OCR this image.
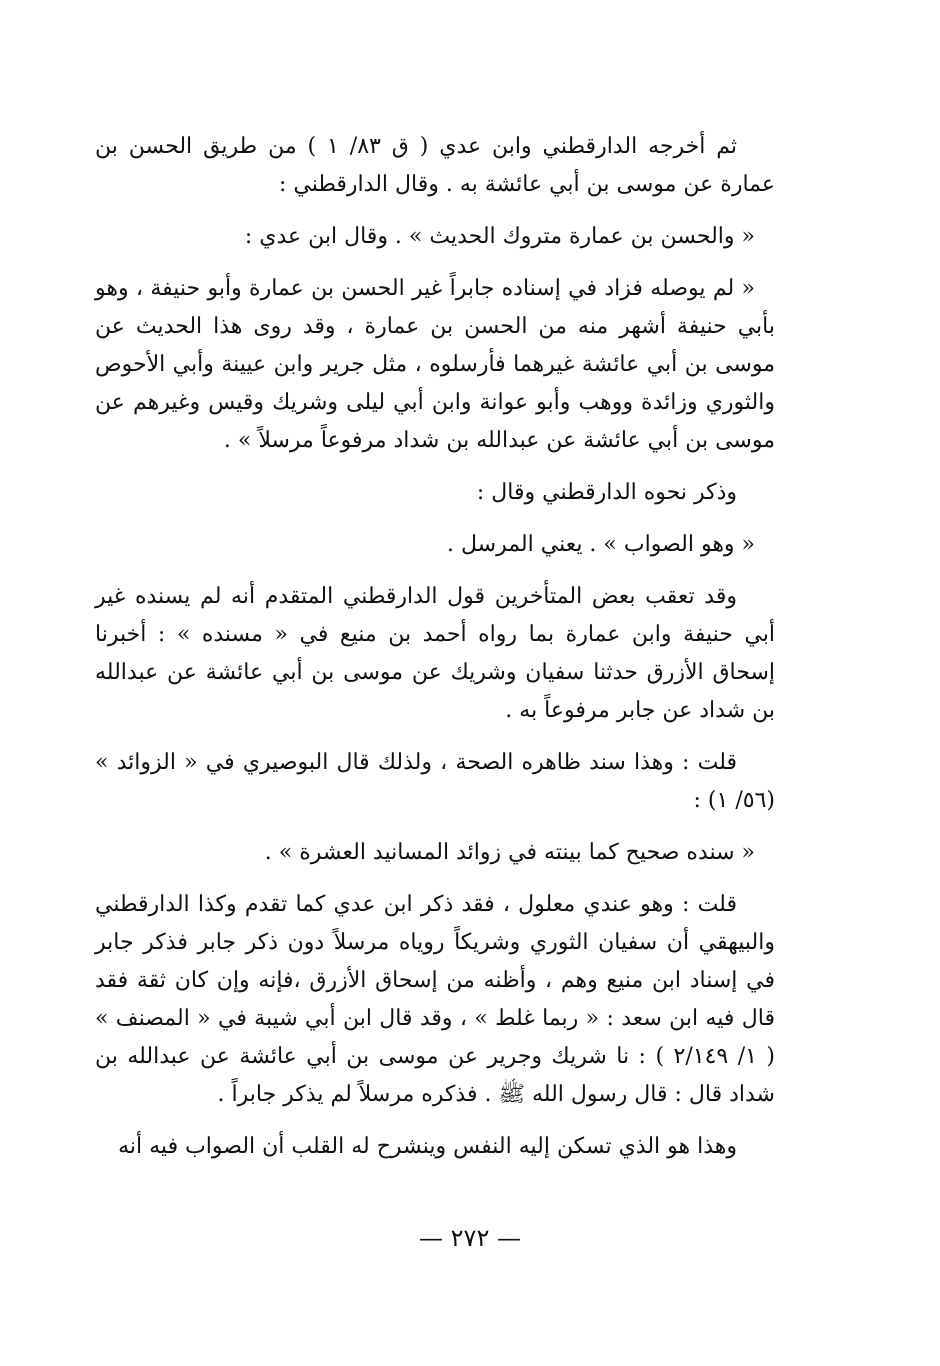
ثم أخرجه الدارقطني وابن عدي ( ق ٨٣/ ١ ) من طريق الحسن بن عمارة عن موسى بن أبي عائشة به . وقال الدارقطني :

« والحسن بن عمارة متروك الحديث » . وقال ابن عدي :

« لم يوصله فزاد في إسناده جابراً غير الحسن بن عمارة وأبو حنيفة ، وهو بأبي حنيفة أشهر منه من الحسن بن عمارة ، وقد روى هذا الحديث عن موسى بن أبي عائشة غيرهما فأرسلوه ، مثل جرير وابن عيينة وأبي الأحوص والثوري وزائدة ووهب وأبو عوانة وابن أبي ليلى وشريك وقيس وغيرهم عن موسى بن أبي عائشة عن عبدالله بن شداد مرفوعاً مرسلاً » .

وذكر نحوه الدارقطني وقال :

« وهو الصواب » . يعني المرسل .

وقد تعقب بعض المتأخرين قول الدارقطني المتقدم أنه لم يسنده غير أبي حنيفة وابن عمارة بما رواه أحمد بن منيع في « مسنده » : أخبرنا إسحاق الأزرق حدثنا سفيان وشريك عن موسى بن أبي عائشة عن عبدالله بن شداد عن جابر مرفوعاً به .

قلت : وهذا سند ظاهره الصحة ، ولذلك قال البوصيري في « الزوائد » (٥٦/ ١) :

« سنده صحيح كما بينته في زوائد المسانيد العشرة » .

قلت : وهو عندي معلول ، فقد ذكر ابن عدي كما تقدم وكذا الدارقطني والبيهقي أن سفيان الثوري وشريكاً روياه مرسلاً دون ذكر جابر فذكر جابر في إسناد ابن منيع وهم ، وأظنه من إسحاق الأزرق ،فإنه وإن كان ثقة فقد قال فيه ابن سعد : « ربما غلط » ، وقد قال ابن أبي شيبة في « المصنف » ( ١/ ٢/١٤٩ ) : نا شريك وجرير عن موسى بن أبي عائشة عن عبدالله بن شداد قال : قال رسول الله ﷺ . فذكره مرسلاً لم يذكر جابراً .

وهذا هو الذي تسكن إليه النفس وينشرح له القلب أن الصواب فيه أنه

— ٢٧٢ —
